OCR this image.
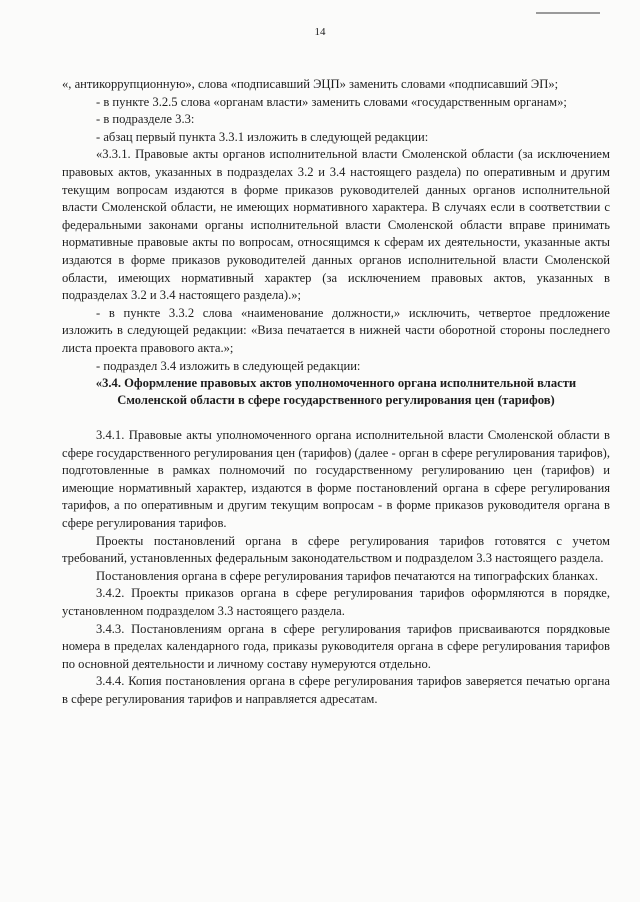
14

«, антикоррупционную», слова «подписавший ЭЦП» заменить словами «подписавший ЭП»;

- в пункте 3.2.5 слова «органам власти» заменить словами «государственным органам»;

- в подразделе 3.3:

- абзац первый пункта 3.3.1 изложить в следующей редакции:

«3.3.1. Правовые акты органов исполнительной власти Смоленской области (за исключением правовых актов, указанных в подразделах 3.2 и 3.4 настоящего раздела) по оперативным и другим текущим вопросам издаются в форме приказов руководителей данных органов исполнительной власти Смоленской области, не имеющих нормативного характера. В случаях если в соответствии с федеральными законами органы исполнительной власти Смоленской области вправе принимать нормативные правовые акты по вопросам, относящимся к сферам их деятельности, указанные акты издаются в форме приказов руководителей данных органов исполнительной власти Смоленской области, имеющих нормативный характер (за исключением правовых актов, указанных в подразделах 3.2 и 3.4 настоящего раздела).»;

- в пункте 3.3.2 слова «наименование должности,» исключить, четвертое предложение изложить в следующей редакции: «Виза печатается в нижней части оборотной стороны последнего листа проекта правового акта.»;

- подраздел 3.4 изложить в следующей редакции:

«3.4. Оформление правовых актов уполномоченного органа исполнительной власти Смоленской области в сфере государственного регулирования цен (тарифов)

3.4.1. Правовые акты уполномоченного органа исполнительной власти Смоленской области в сфере государственного регулирования цен (тарифов) (далее - орган в сфере регулирования тарифов), подготовленные в рамках полномочий по государственному регулированию цен (тарифов) и имеющие нормативный характер, издаются в форме постановлений органа в сфере регулирования тарифов, а по оперативным и другим текущим вопросам - в форме приказов руководителя органа в сфере регулирования тарифов.

Проекты постановлений органа в сфере регулирования тарифов готовятся с учетом требований, установленных федеральным законодательством и подразделом 3.3 настоящего раздела.

Постановления органа в сфере регулирования тарифов печатаются на типографских бланках.

3.4.2. Проекты приказов органа в сфере регулирования тарифов оформляются в порядке, установленном подразделом 3.3 настоящего раздела.

3.4.3. Постановлениям органа в сфере регулирования тарифов присваиваются порядковые номера в пределах календарного года, приказы руководителя органа в сфере регулирования тарифов по основной деятельности и личному составу нумеруются отдельно.

3.4.4. Копия постановления органа в сфере регулирования тарифов заверяется печатью органа в сфере регулирования тарифов и направляется адресатам.
